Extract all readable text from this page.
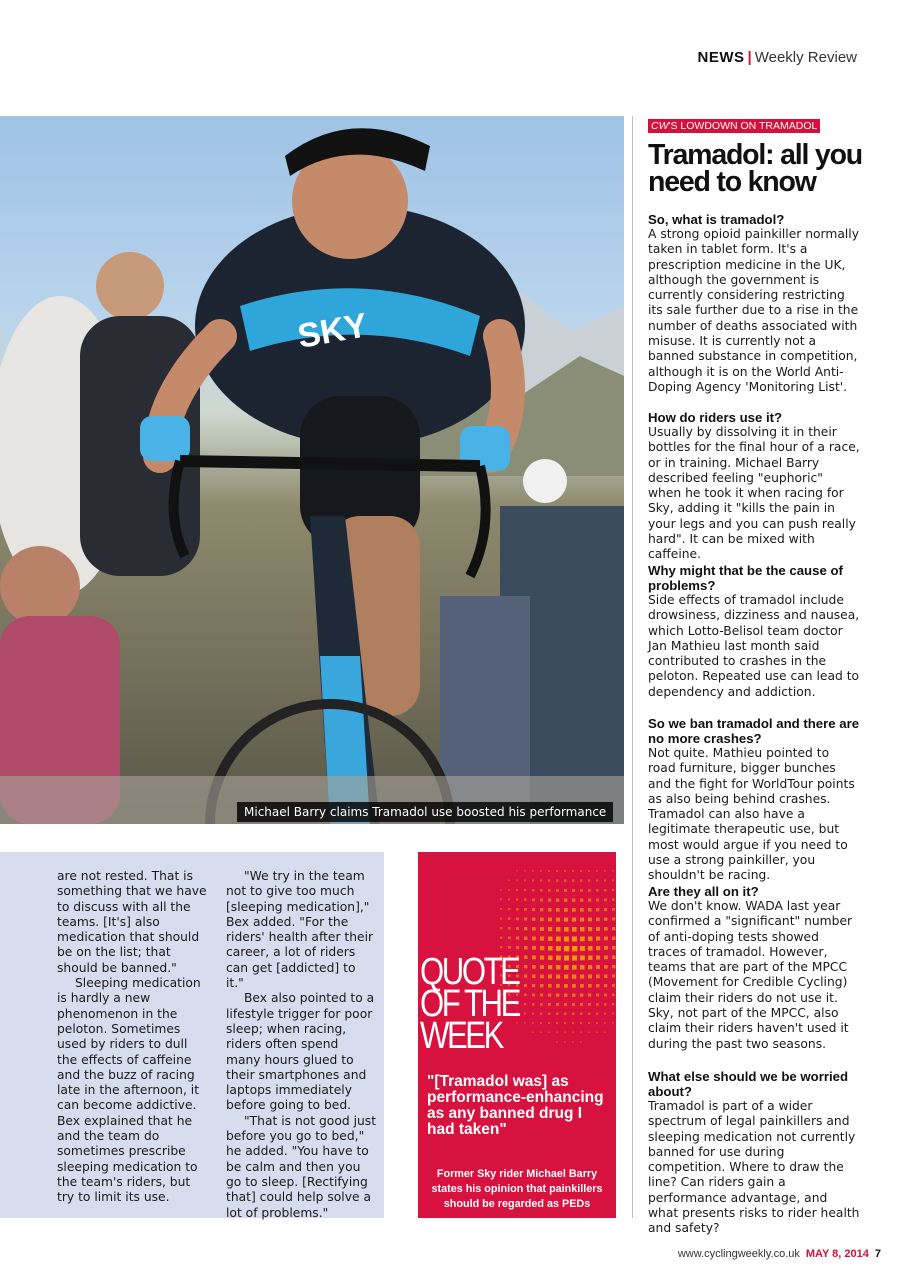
NEWS | Weekly Review
SKY
Michael Barry claims Tramadol use boosted his performance

are not rested. That is something that we have to discuss with all the teams. [It's] also medication that should be on the list; that should be banned."

Sleeping medication is hardly a new phenomenon in the peloton. Sometimes used by riders to dull the effects of caffeine and the buzz of racing late in the afternoon, it can become addictive. Bex explained that he and the team do sometimes prescribe sleeping medication to the team's riders, but try to limit its use.

"We try in the team not to give too much [sleeping medication]," Bex added. "For the riders' health after their career, a lot of riders can get [addicted] to it."

Bex also pointed to a lifestyle trigger for poor sleep; when racing, riders often spend many hours glued to their smartphones and laptops immediately before going to bed.

"That is not good just before you go to bed," he added. "You have to be calm and then you go to sleep. [Rectifying that] could help solve a lot of problems."

QUOTE
OF THE
WEEK
"[Tramadol was] as performance-enhancing as any banned drug I had taken"
Former Sky rider Michael Barry states his opinion that painkillers should be regarded as PEDs
CW'S LOWDOWN ON TRAMADOL
Tramadol: all you need to know
So, what is tramadol?

A strong opioid painkiller normally taken in tablet form. It's a prescription medicine in the UK, although the government is currently considering restricting its sale further due to a rise in the number of deaths associated with misuse. It is currently not a banned substance in competition, although it is on the World Anti-Doping Agency 'Monitoring List'.

How do riders use it?

Usually by dissolving it in their bottles for the final hour of a race, or in training. Michael Barry described feeling "euphoric" when he took it when racing for Sky, adding it "kills the pain in your legs and you can push really hard". It can be mixed with caffeine.

Why might that be the cause of problems?

Side effects of tramadol include drowsiness, dizziness and nausea, which Lotto-Belisol team doctor Jan Mathieu last month said contributed to crashes in the peloton. Repeated use can lead to dependency and addiction.

So we ban tramadol and there are no more crashes?

Not quite. Mathieu pointed to road furniture, bigger bunches and the fight for WorldTour points as also being behind crashes. Tramadol can also have a legitimate therapeutic use, but most would argue if you need to use a strong painkiller, you shouldn't be racing.

Are they all on it?

We don't know. WADA last year confirmed a "significant" number of anti-doping tests showed traces of tramadol. However, teams that are part of the MPCC (Movement for Credible Cycling) claim their riders do not use it. Sky, not part of the MPCC, also claim their riders haven't used it during the past two seasons.

What else should we be worried about?

Tramadol is part of a wider spectrum of legal painkillers and sleeping medication not currently banned for use during competition. Where to draw the line? Can riders gain a performance advantage, and what presents risks to rider health and safety?

www.cyclingweekly.co.uk MAY 8, 2014 7
